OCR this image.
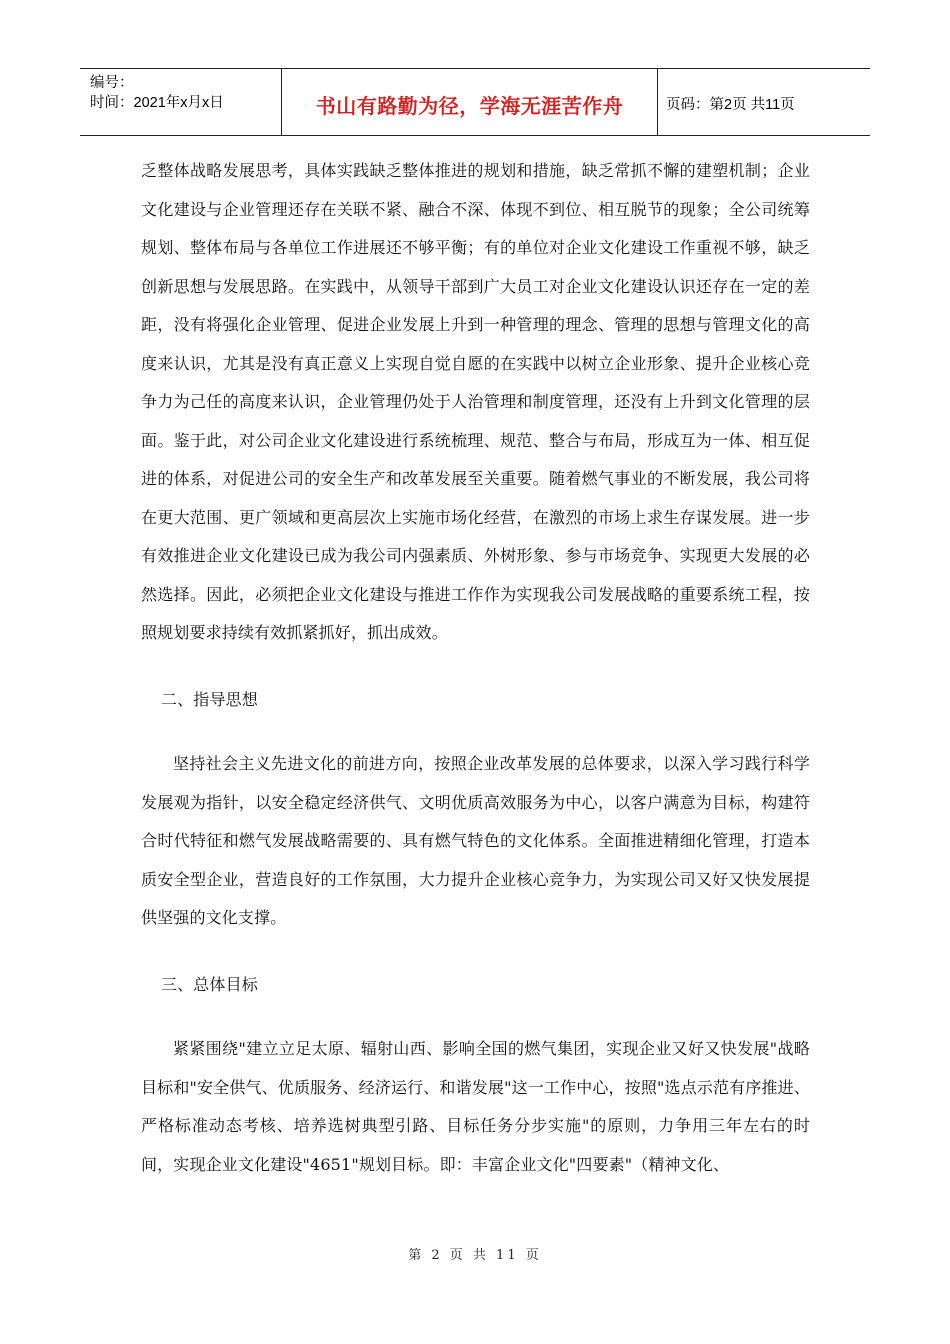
编号：
时间：2021年x月x日	书山有路勤为径，学海无涯苦作舟	页码：第2页 共11页

乏整体战略发展思考，具体实践缺乏整体推进的规划和措施，缺乏常抓不懈的建塑机制；企业文化建设与企业管理还存在关联不紧、融合不深、体现不到位、相互脱节的现象；全公司统筹规划、整体布局与各单位工作进展还不够平衡；有的单位对企业文化建设工作重视不够，缺乏创新思想与发展思路。在实践中，从领导干部到广大员工对企业文化建设认识还存在一定的差距，没有将强化企业管理、促进企业发展上升到一种管理的理念、管理的思想与管理文化的高度来认识，尤其是没有真正意义上实现自觉自愿的在实践中以树立企业形象、提升企业核心竞争力为己任的高度来认识，企业管理仍处于人治管理和制度管理，还没有上升到文化管理的层面。鉴于此，对公司企业文化建设进行系统梳理、规范、整合与布局，形成互为一体、相互促进的体系，对促进公司的安全生产和改革发展至关重要。随着燃气事业的不断发展，我公司将在更大范围、更广领域和更高层次上实施市场化经营，在激烈的市场上求生存谋发展。进一步有效推进企业文化建设已成为我公司内强素质、外树形象、参与市场竞争、实现更大发展的必然选择。因此，必须把企业文化建设与推进工作作为实现我公司发展战略的重要系统工程，按照规划要求持续有效抓紧抓好，抓出成效。

二、指导思想

坚持社会主义先进文化的前进方向，按照企业改革发展的总体要求，以深入学习践行科学发展观为指针，以安全稳定经济供气、文明优质高效服务为中心，以客户满意为目标，构建符合时代特征和燃气发展战略需要的、具有燃气特色的文化体系。全面推进精细化管理，打造本质安全型企业，营造良好的工作氛围，大力提升企业核心竞争力，为实现公司又好又快发展提供坚强的文化支撑。

三、总体目标

紧紧围绕"建立立足太原、辐射山西、影响全国的燃气集团，实现企业又好又快发展"战略目标和"安全供气、优质服务、经济运行、和谐发展"这一工作中心，按照"选点示范有序推进、严格标准动态考核、培养选树典型引路、目标任务分步实施"的原则，力争用三年左右的时间，实现企业文化建设"4651"规划目标。即：丰富企业文化"四要素"（精神文化、

第 2 页 共 11 页
